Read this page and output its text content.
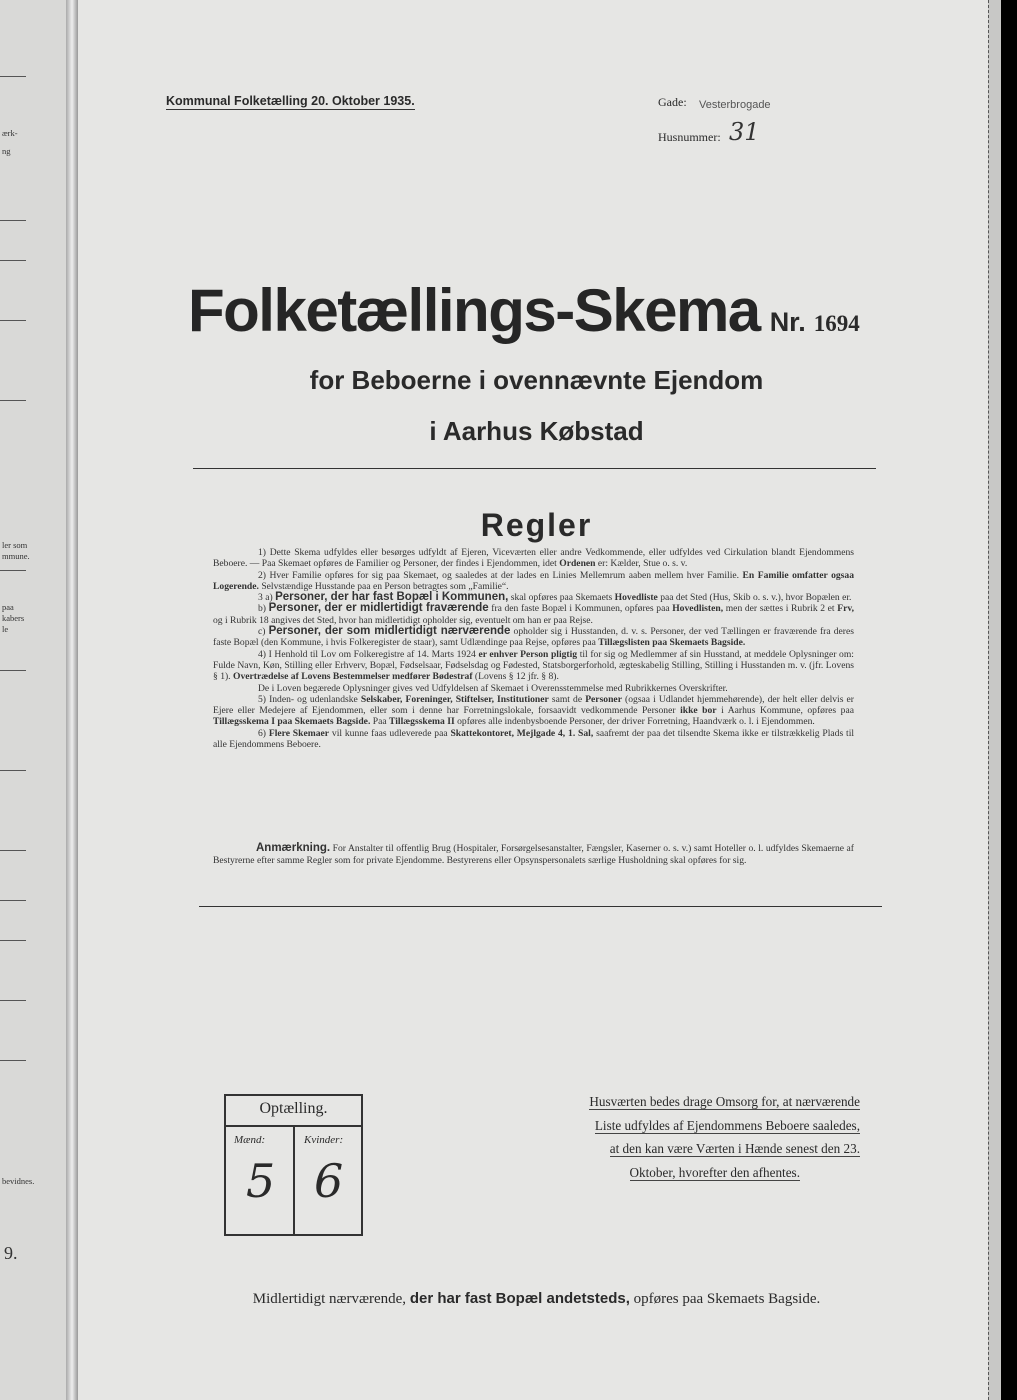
ærk-
ng
ler som
mmune.
paa
kabers
le
bevidnes.
9.
Kommunal Folketælling 20. Oktober 1935.	Gade: Vesterbrogade
Husnummer: 31
Folketællings-Skema Nr. 1694
for Beboerne i ovennævnte Ejendom
i Aarhus Købstad
Regler

1) Dette Skema udfyldes eller besørges udfyldt af Ejeren, Viceværten eller andre Vedkommende, eller udfyldes ved Cirkulation blandt Ejendommens Beboere. — Paa Skemaet opføres de Familier og Personer, der findes i Ejendommen, idet Ordenen er: Kælder, Stue o. s. v.

2) Hver Familie opføres for sig paa Skemaet, og saaledes at der lades en Linies Mellemrum aaben mellem hver Familie. En Familie omfatter ogsaa Logerende. Selvstændige Husstande paa en Person betragtes som „Familie“.

3 a) Personer, der har fast Bopæl i Kommunen, skal opføres paa Skemaets Hovedliste paa det Sted (Hus, Skib o. s. v.), hvor Bopælen er.

b) Personer, der er midlertidigt fraværende fra den faste Bopæl i Kommunen, opføres paa Hovedlisten, men der sættes i Rubrik 2 et Frv, og i Rubrik 18 angives det Sted, hvor han midlertidigt opholder sig, eventuelt om han er paa Rejse.

c) Personer, der som midlertidigt nærværende opholder sig i Husstanden, d. v. s. Personer, der ved Tællingen er fraværende fra deres faste Bopæl (den Kommune, i hvis Folkeregister de staar), samt Udlændinge paa Rejse, opføres paa Tillægslisten paa Skemaets Bagside.

4) I Henhold til Lov om Folkeregistre af 14. Marts 1924 er enhver Person pligtig til for sig og Medlemmer af sin Husstand, at meddele Oplysninger om: Fulde Navn, Køn, Stilling eller Erhverv, Bopæl, Fødselsaar, Fødselsdag og Fødested, Statsborgerforhold, ægteskabelig Stilling, Stilling i Husstanden m. v. (jfr. Lovens § 1). Overtrædelse af Lovens Bestemmelser medfører Bødestraf (Lovens § 12 jfr. § 8).

De i Loven begærede Oplysninger gives ved Udfyldelsen af Skemaet i Overensstemmelse med Rubrikkernes Overskrifter.

5) Inden- og udenlandske Selskaber, Foreninger, Stiftelser, Institutioner samt de Personer (ogsaa i Udlandet hjemmehørende), der helt eller delvis er Ejere eller Medejere af Ejendommen, eller som i denne har Forretningslokale, forsaavidt vedkommende Personer ikke bor i Aarhus Kommune, opføres paa Tillægsskema I paa Skemaets Bagside. Paa Tillægsskema II opføres alle indenbysboende Personer, der driver Forretning, Haandværk o. l. i Ejendommen.

6) Flere Skemaer vil kunne faas udleverede paa Skattekontoret, Mejlgade 4, 1. Sal, saafremt der paa det tilsendte Skema ikke er tilstrækkelig Plads til alle Ejendommens Beboere.

Anmærkning. For Anstalter til offentlig Brug (Hospitaler, Forsørgelsesanstalter, Fængsler, Kaserner o. s. v.) samt Hoteller o. l. udfyldes Skemaerne af Bestyrerne efter samme Regler som for private Ejendomme. Bestyrerens eller Opsynspersonalets særlige Husholdning skal opføres for sig.

Optælling.
Mænd:	Kvinder:
5 6
Husværten bedes drage Omsorg for, at nærværende
Liste udfyldes af Ejendommens Beboere saaledes,
at den kan være Værten i Hænde senest den 23.
Oktober, hvorefter den afhentes.
Midlertidigt nærværende, der har fast Bopæl andetsteds, opføres paa Skemaets Bagside.
